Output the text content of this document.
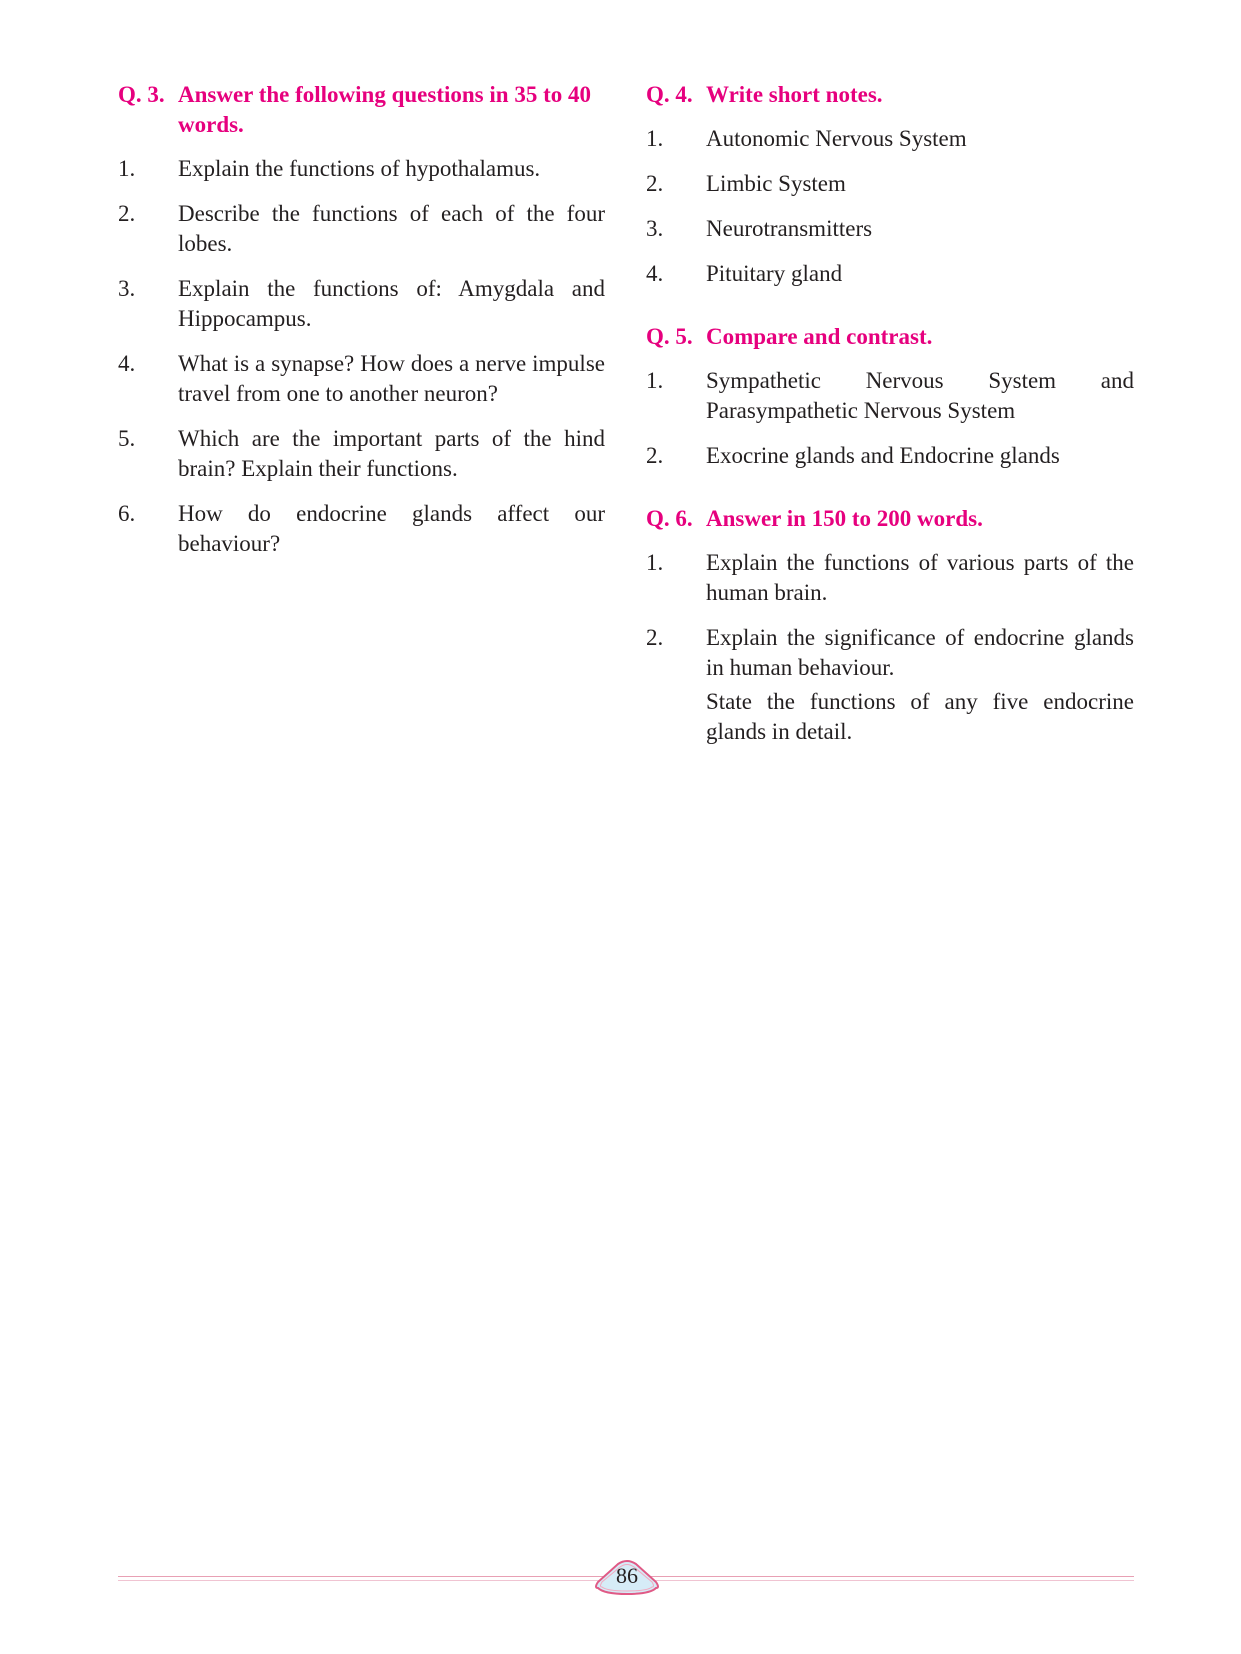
Q. 3. Answer the following questions in 35 to 40 words.
1.	Explain the functions of hypothalamus.
2.	Describe the functions of each of the four lobes.
3.	Explain the functions of: Amygdala and Hippocampus.
4.	What is a synapse? How does a nerve impulse travel from one to another neuron?
5.	Which are the important parts of the hind brain? Explain their functions.
6.	How do endocrine glands affect our behaviour?
Q. 4. Write short notes.
1.	Autonomic Nervous System
2.	Limbic System
3.	Neurotransmitters
4.	Pituitary gland
Q. 5. Compare and contrast.
1.	Sympathetic Nervous System and Parasympathetic Nervous System
2.	Exocrine glands and Endocrine glands
Q. 6. Answer in 150 to 200 words.
1.	Explain the functions of various parts of the human brain.
2.	Explain the significance of endocrine glands in human behaviour.

State the functions of any five endocrine glands in detail.

86
